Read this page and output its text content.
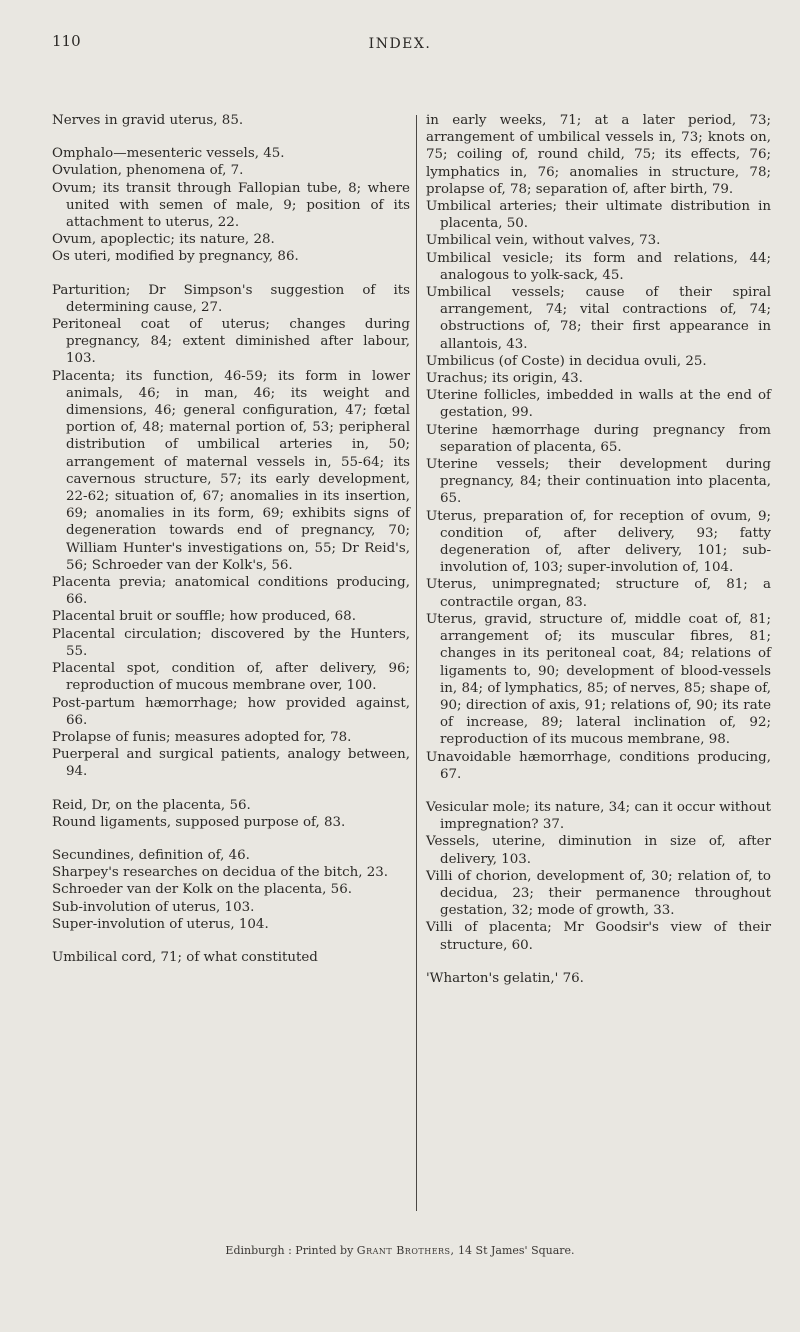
110	INDEX.
Nerves in gravid uterus, 85.
Omphalo—mesenteric vessels, 45.
Ovulation, phenomena of, 7.
Ovum; its transit through Fallopian tube, 8; where united with semen of male, 9; position of its attachment to uterus, 22.
Ovum, apoplectic; its nature, 28.
Os uteri, modified by pregnancy, 86.
Parturition; Dr Simpson's suggestion of its determining cause, 27.
Peritoneal coat of uterus; changes during pregnancy, 84; extent diminished after labour, 103.
Placenta; its function, 46-59; its form in lower animals, 46; in man, 46; its weight and dimensions, 46; general configuration, 47; fœtal portion of, 48; maternal portion of, 53; peripheral distribution of umbilical arteries in, 50; arrangement of maternal vessels in, 55-64; its cavernous structure, 57; its early development, 22-62; situation of, 67; anomalies in its insertion, 69; anomalies in its form, 69; exhibits signs of degeneration towards end of pregnancy, 70; William Hunter's investigations on, 55; Dr Reid's, 56; Schroeder van der Kolk's, 56.
Placenta previa; anatomical conditions producing, 66.
Placental bruit or souffle; how produced, 68.
Placental circulation; discovered by the Hunters, 55.
Placental spot, condition of, after delivery, 96; reproduction of mucous membrane over, 100.
Post-partum hæmorrhage; how provided against, 66.
Prolapse of funis; measures adopted for, 78.
Puerperal and surgical patients, analogy between, 94.
Reid, Dr, on the placenta, 56.
Round ligaments, supposed purpose of, 83.
Secundines, definition of, 46.
Sharpey's researches on decidua of the bitch, 23.
Schroeder van der Kolk on the placenta, 56.
Sub-involution of uterus, 103.
Super-involution of uterus, 104.
Umbilical cord, 71; of what constituted
in early weeks, 71; at a later period, 73; arrangement of umbilical vessels in, 73; knots on, 75; coiling of, round child, 75; its effects, 76; lymphatics in, 76; anomalies in structure, 78; prolapse of, 78; separation of, after birth, 79.
Umbilical arteries; their ultimate distribution in placenta, 50.
Umbilical vein, without valves, 73.
Umbilical vesicle; its form and relations, 44; analogous to yolk-sack, 45.
Umbilical vessels; cause of their spiral arrangement, 74; vital contractions of, 74; obstructions of, 78; their first appearance in allantois, 43.
Umbilicus (of Coste) in decidua ovuli, 25.
Urachus; its origin, 43.
Uterine follicles, imbedded in walls at the end of gestation, 99.
Uterine hæmorrhage during pregnancy from separation of placenta, 65.
Uterine vessels; their development during pregnancy, 84; their continuation into placenta, 65.
Uterus, preparation of, for reception of ovum, 9; condition of, after delivery, 93; fatty degeneration of, after delivery, 101; sub-involution of, 103; super-involution of, 104.
Uterus, unimpregnated; structure of, 81; a contractile organ, 83.
Uterus, gravid, structure of, middle coat of, 81; arrangement of; its muscular fibres, 81; changes in its peritoneal coat, 84; relations of ligaments to, 90; development of blood-vessels in, 84; of lymphatics, 85; of nerves, 85; shape of, 90; direction of axis, 91; relations of, 90; its rate of increase, 89; lateral inclination of, 92; reproduction of its mucous membrane, 98.
Unavoidable hæmorrhage, conditions producing, 67.
Vesicular mole; its nature, 34; can it occur without impregnation? 37.
Vessels, uterine, diminution in size of, after delivery, 103.
Villi of chorion, development of, 30; relation of, to decidua, 23; their permanence throughout gestation, 32; mode of growth, 33.
Villi of placenta; Mr Goodsir's view of their structure, 60.
'Wharton's gelatin,' 76.
Edinburgh : Printed by Grant Brothers, 14 St James' Square.
